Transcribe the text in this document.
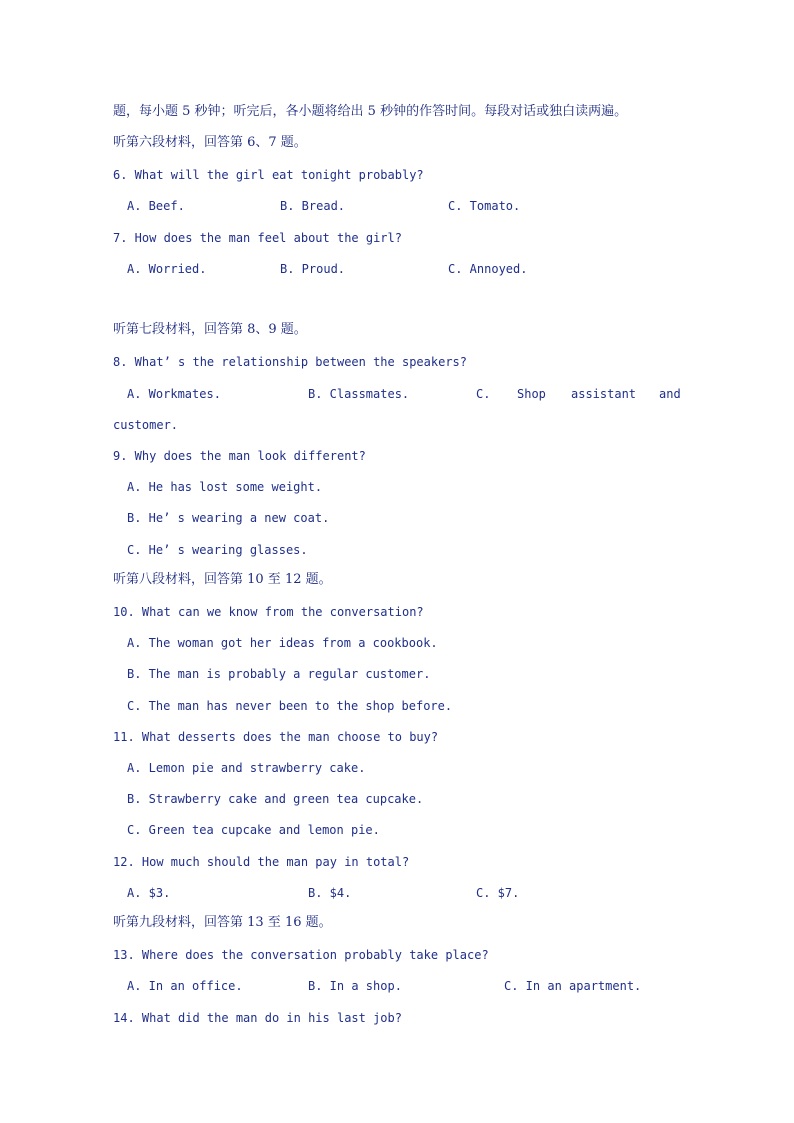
题，每小题 5 秒钟；听完后，各小题将给出 5 秒钟的作答时间。每段对话或独白读两遍。
听第六段材料，回答第 6、7 题。
6. What will the girl eat tonight probably?
A. Beef.	B. Bread.	C. Tomato.
7. How does the man feel about the girl?
A. Worried.	B. Proud.	C. Annoyed.
听第七段材料，回答第 8、9 题。
8. What’ s the relationship between the speakers?
A. Workmates.	B. Classmates.	C. Shop assistant and
customer.
9. Why does the man look different?
A. He has lost some weight.
B. He’ s wearing a new coat.
C. He’ s wearing glasses.
听第八段材料，回答第 10 至 12 题。
10. What can we know from the conversation?
A. The woman got her ideas from a cookbook.
B. The man is probably a regular customer.
C. The man has never been to the shop before.
11. What desserts does the man choose to buy?
A. Lemon pie and strawberry cake.
B. Strawberry cake and green tea cupcake.
C. Green tea cupcake and lemon pie.
12. How much should the man pay in total?
A. $3.	B. $4.	C. $7.
听第九段材料，回答第 13 至 16 题。
13. Where does the conversation probably take place?
A. In an office.	B. In a shop.	C. In an apartment.
14. What did the man do in his last job?
